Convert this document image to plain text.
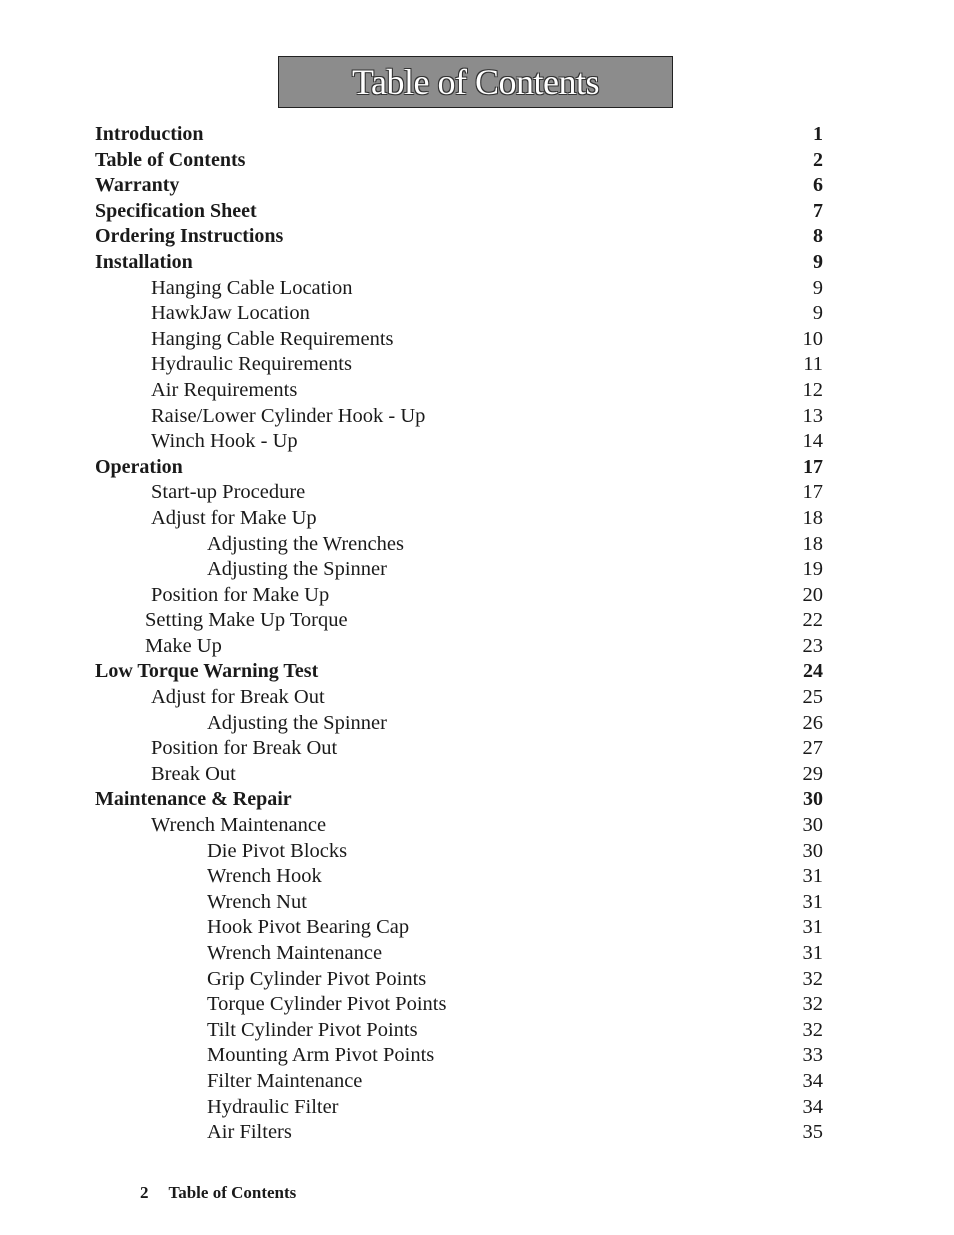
Table of Contents
Introduction	1
Table of Contents	2
Warranty	6
Specification Sheet	7
Ordering Instructions	8
Installation	9
Hanging Cable Location	9
HawkJaw Location	9
Hanging Cable Requirements	10
Hydraulic Requirements	11
Air Requirements	12
Raise/Lower Cylinder Hook - Up	13
Winch Hook - Up	14
Operation	17
Start-up Procedure	17
Adjust for Make Up	18
Adjusting the Wrenches	18
Adjusting the Spinner	19
Position for Make Up	20
Setting Make Up Torque	22
Make Up	23
Low Torque Warning Test	24
Adjust for Break Out	25
Adjusting the Spinner	26
Position for Break Out	27
Break Out	29
Maintenance & Repair	30
Wrench Maintenance	30
Die Pivot Blocks	30
Wrench Hook	31
Wrench Nut	31
Hook Pivot Bearing Cap	31
Wrench Maintenance	31
Grip Cylinder Pivot Points	32
Torque Cylinder Pivot Points	32
Tilt Cylinder Pivot Points	32
Mounting Arm Pivot Points	33
Filter Maintenance	34
Hydraulic Filter	34
Air Filters	35
2 Table of Contents
